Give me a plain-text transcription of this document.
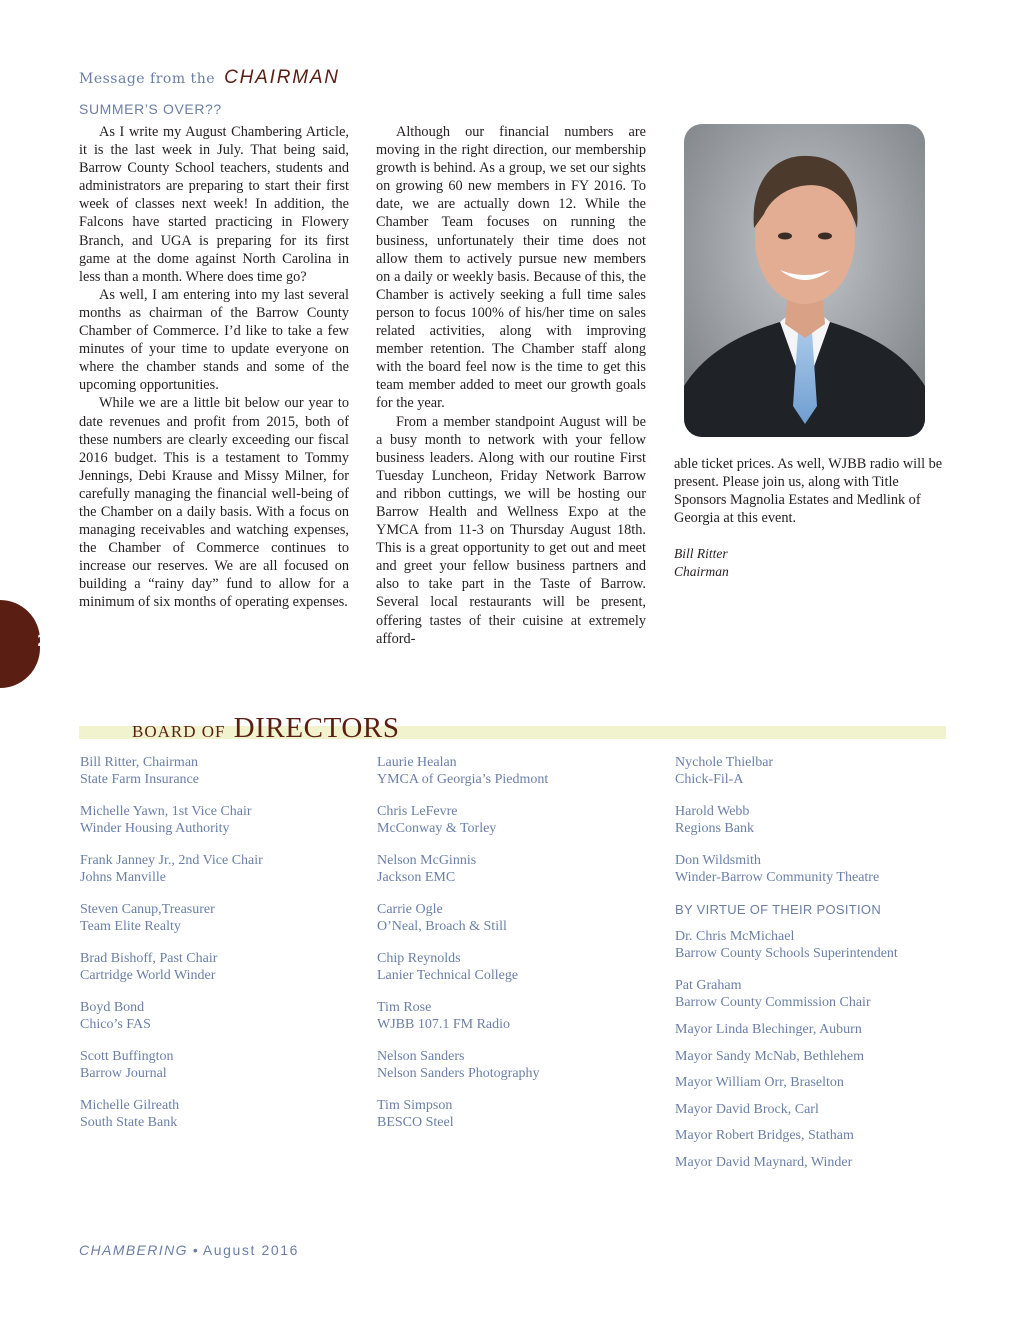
Message from the CHAIRMAN
SUMMER’S OVER??

As I write my August Chambering Article, it is the last week in July. That being said, Barrow County School teachers, students and administrators are preparing to start their first week of classes next week! In addition, the Falcons have started practicing in Flowery Branch, and UGA is preparing for its first game at the dome against North Carolina in less than a month. Where does time go?

As well, I am entering into my last several months as chairman of the Barrow County Chamber of Commerce. I’d like to take a few minutes of your time to update everyone on where the chamber stands and some of the upcoming opportunities.

While we are a little bit below our year to date revenues and profit from 2015, both of these numbers are clearly exceeding our fiscal 2016 budget. This is a testament to Tommy Jennings, Debi Krause and Missy Milner, for carefully managing the financial well-being of the Chamber on a daily basis. With a focus on managing receivables and watching expenses, the Chamber of Commerce continues to increase our reserves. We are all focused on building a “rainy day” fund to allow for a minimum of six months of operating expenses.

Although our financial numbers are moving in the right direction, our membership growth is behind. As a group, we set our sights on growing 60 new members in FY 2016. To date, we are actually down 12. While the Chamber Team focuses on running the business, unfortunately their time does not allow them to actively pursue new members on a daily or weekly basis. Because of this, the Chamber is actively seeking a full time sales person to focus 100% of his/her time on sales related activities, along with improving member retention. The Chamber staff along with the board feel now is the time to get this team member added to meet our growth goals for the year.

From a member standpoint August will be a busy month to network with your fellow business leaders. Along with our routine First Tuesday Luncheon, Friday Network Barrow and ribbon cuttings, we will be hosting our Barrow Health and Wellness Expo at the YMCA from 11-3 on Thursday August 18th. This is a great opportunity to get out and meet and greet your fellow business partners and also to take part in the Taste of Barrow. Several local restaurants will be present, offering tastes of their cuisine at extremely afford-

able ticket prices. As well, WJBB radio will be present. Please join us, along with Title Sponsors Magnolia Estates and Medlink of Georgia at this event.

Bill Ritter
Chairman
2
BOARD OF DIRECTORS
Bill Ritter, Chairman
State Farm Insurance
Michelle Yawn, 1st Vice Chair
Winder Housing Authority
Frank Janney Jr., 2nd Vice Chair
Johns Manville
Steven Canup,Treasurer
Team Elite Realty
Brad Bishoff, Past Chair
Cartridge World Winder
Boyd Bond
Chico’s FAS
Scott Buffington
Barrow Journal
Michelle Gilreath
South State Bank
Laurie Healan
YMCA of Georgia’s Piedmont
Chris LeFevre
McConway & Torley
Nelson McGinnis
Jackson EMC
Carrie Ogle
O’Neal, Broach & Still
Chip Reynolds
Lanier Technical College
Tim Rose
WJBB 107.1 FM Radio
Nelson Sanders
Nelson Sanders Photography
Tim Simpson
BESCO Steel
Nychole Thielbar
Chick-Fil-A
Harold Webb
Regions Bank
Don Wildsmith
Winder-Barrow Community Theatre
BY VIRTUE OF THEIR POSITION
Dr. Chris McMichael
Barrow County Schools Superintendent
Pat Graham
Barrow County Commission Chair
Mayor Linda Blechinger, Auburn
Mayor Sandy McNab, Bethlehem
Mayor William Orr, Braselton
Mayor David Brock, Carl
Mayor Robert Bridges, Statham
Mayor David Maynard, Winder
CHAMBERING • August 2016
